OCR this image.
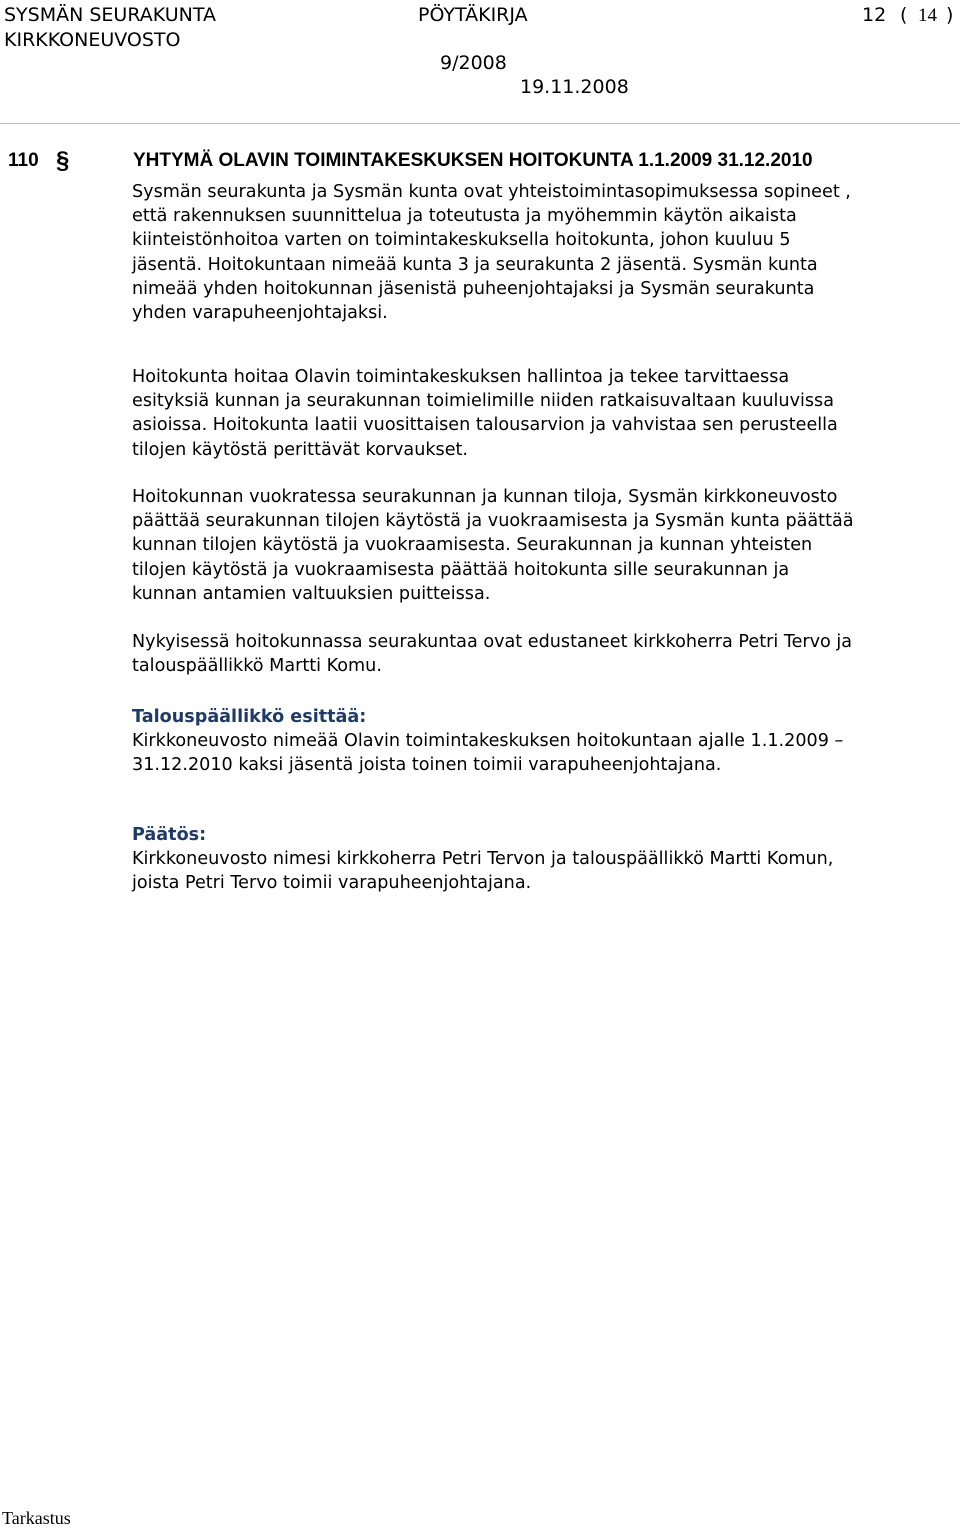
SYSMÄN SEURAKUNTA	PÖYTÄKIRJA	12 ( 14 )
KIRKKONEUVOSTO
9/2008
19.11.2008
110 §	YHTYMÄ OLAVIN TOIMINTAKESKUKSEN HOITOKUNTA 1.1.2009 31.12.2010

Sysmän seurakunta ja Sysmän kunta ovat yhteistoimintasopimuksessa sopineet ,

että rakennuksen suunnittelua ja toteutusta ja myöhemmin käytön aikaista

kiinteistönhoitoa varten on toimintakeskuksella hoitokunta, johon kuuluu 5

jäsentä. Hoitokuntaan nimeää kunta 3 ja seurakunta 2 jäsentä. Sysmän kunta

nimeää yhden hoitokunnan jäsenistä puheenjohtajaksi ja Sysmän seurakunta

yhden varapuheenjohtajaksi.

Hoitokunta hoitaa Olavin toimintakeskuksen hallintoa ja tekee tarvittaessa

esityksiä kunnan ja seurakunnan toimielimille niiden ratkaisuvaltaan kuuluvissa

asioissa. Hoitokunta laatii vuosittaisen talousarvion ja vahvistaa sen perusteella

tilojen käytöstä perittävät korvaukset.

Hoitokunnan vuokratessa seurakunnan ja kunnan tiloja, Sysmän kirkkoneuvosto

päättää seurakunnan tilojen käytöstä ja vuokraamisesta ja Sysmän kunta päättää

kunnan tilojen käytöstä ja vuokraamisesta. Seurakunnan ja kunnan yhteisten

tilojen käytöstä ja vuokraamisesta päättää hoitokunta sille seurakunnan ja

kunnan antamien valtuuksien puitteissa.

Nykyisessä hoitokunnassa seurakuntaa ovat edustaneet kirkkoherra Petri Tervo ja

talouspäällikkö Martti Komu.

Talouspäällikkö esittää:

Kirkkoneuvosto nimeää Olavin toimintakeskuksen hoitokuntaan ajalle 1.1.2009 –

31.12.2010 kaksi jäsentä joista toinen toimii varapuheenjohtajana.

Päätös:

Kirkkoneuvosto nimesi kirkkoherra Petri Tervon ja talouspäällikkö Martti Komun,

joista Petri Tervo toimii varapuheenjohtajana.

Tarkastus
